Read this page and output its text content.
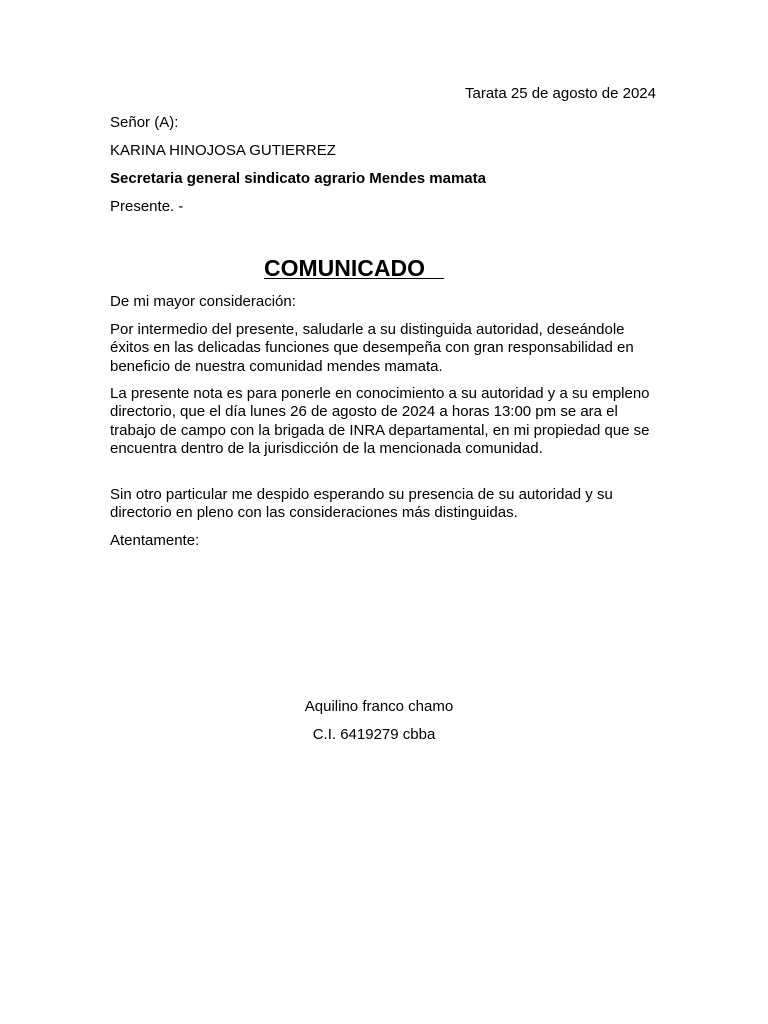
Tarata 25 de agosto de 2024
Señor (A):
KARINA HINOJOSA GUTIERREZ
Secretaria general sindicato agrario Mendes mamata
Presente. -
COMUNICADO

De mi mayor consideración:

Por intermedio del presente, saludarle a su distinguida autoridad, deseándole éxitos en las delicadas funciones que desempeña con gran responsabilidad en beneficio de nuestra comunidad mendes mamata.

La presente nota es para ponerle en conocimiento a su autoridad y a su empleno directorio, que el día lunes 26 de agosto de 2024 a horas 13:00 pm se ara el trabajo de campo con la brigada de INRA departamental, en mi propiedad que se encuentra dentro de la jurisdicción de la mencionada comunidad.

Sin otro particular me despido esperando su presencia de su autoridad y su directorio en pleno con las consideraciones más distinguidas.

Atentamente:

Aquilino franco chamo
C.I. 6419279 cbba
